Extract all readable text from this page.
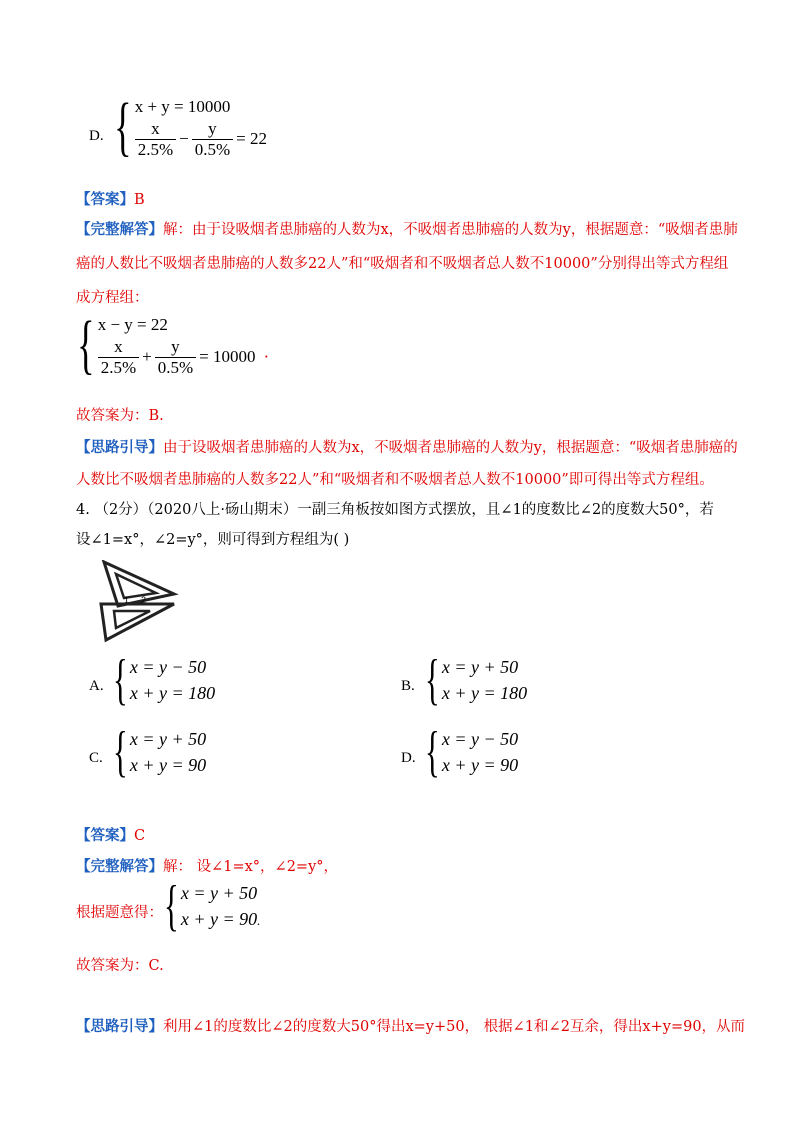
D. { x + y = 10000
$\frac{x}{2.5\%} - \frac{y}{0.5\%} = 22$
【答案】B
【完整解答】解：由于设吸烟者患肺癌的人数为x，不吸烟者患肺癌的人数为y，根据题意：“吸烟者患肺
癌的人数比不吸烟者患肺癌的人数多22人”和“吸烟者和不吸烟者总人数不10000”分别得出等式方程组
成方程组：
{ x − y = 22
$\frac{x}{2.5\%} + \frac{y}{0.5\%} = 10000$ ·
故答案为：B.
【思路引导】由于设吸烟者患肺癌的人数为x，不吸烟者患肺癌的人数为y，根据题意：“吸烟者患肺癌的
人数比不吸烟者患肺癌的人数多22人”和“吸烟者和不吸烟者总人数不10000”即可得出等式方程组。
4. （2分）（2020八上·砀山期末）一副三角板按如图方式摆放，且∠1的度数比∠2的度数大50°，若
设∠1=x°，∠2=y°，则可得到方程组为( )
1 2
A. { x = y − 50
x + y = 180	B. { x = y + 50
x + y = 180
C. { x = y + 50
x + y = 90	D. { x = y − 50
x + y = 90
【答案】C
【完整解答】解： 设∠1=x°，∠2=y°，
根据题意得： { x = y + 50
x + y = 90.
故答案为：C.
【思路引导】利用∠1的度数比∠2的度数大50°得出x=y+50， 根据∠1和∠2互余，得出x+y=90，从而
